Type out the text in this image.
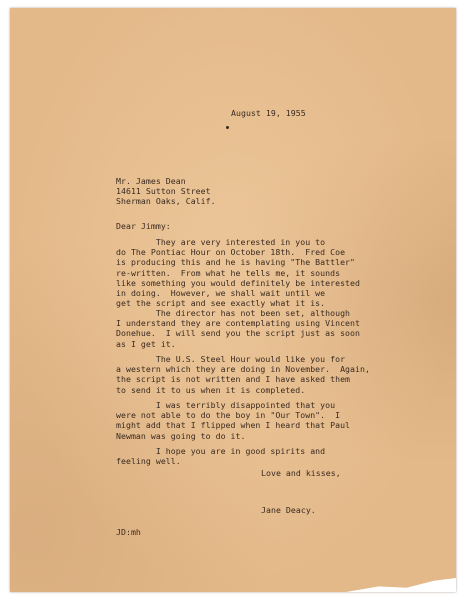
August 19, 1955
Mr. James Dean
14611 Sutton Street
Sherman Oaks, Calif.
Dear Jimmy:
They are very interested in you to
do The Pontiac Hour on October 18th.  Fred Coe
is producing this and he is having "The Battler"
re-written.  From what he tells me, it sounds
like something you would definitely be interested
in doing.  However, we shall wait until we
get the script and see exactly what it is.
The director has not been set, although
I understand they are contemplating using Vincent
Donehue.  I will send you the script just as soon
as I get it.
The U.S. Steel Hour would like you for
a western which they are doing in November.  Again,
the script is not written and I have asked them
to send it to us when it is completed.
I was terribly disappointed that you
were not able to do the boy in "Our Town".  I
might add that I flipped when I heard that Paul
Newman was going to do it.
I hope you are in good spirits and
feeling well.
Love and kisses,
Jane Deacy.
JD:mh
